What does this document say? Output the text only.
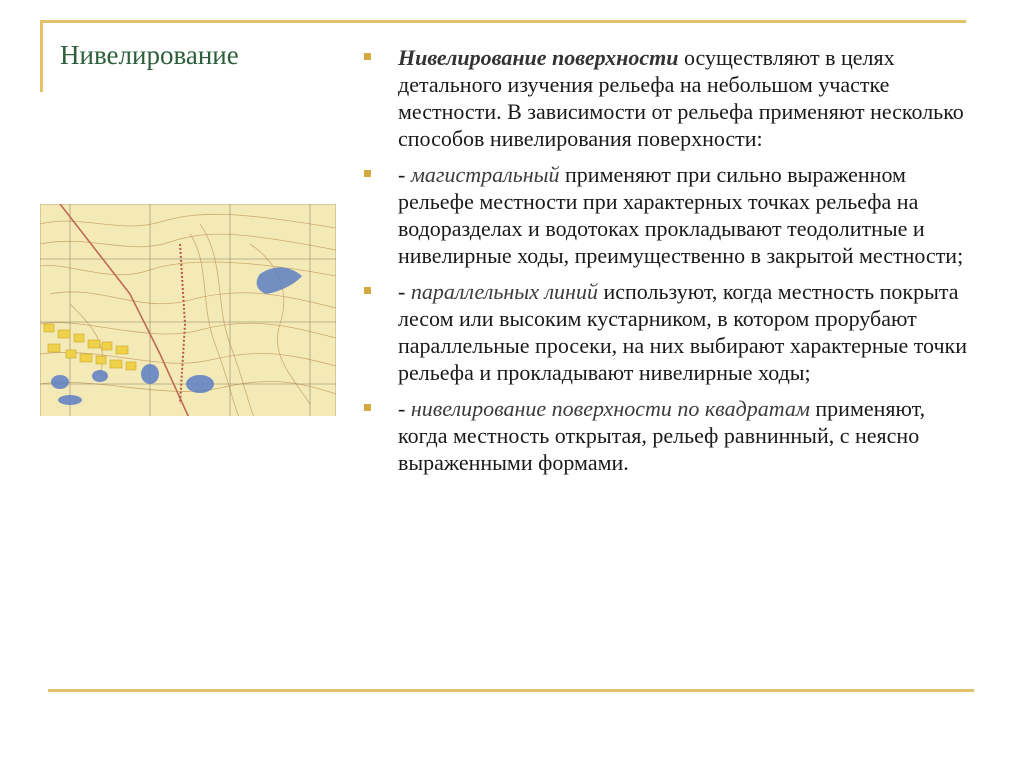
Нивелирование	Нивелирование поверхности осуществляют в целях детального изучения рельефа на небольшом участке местности. В зависимости от рельефа применяют несколько способов нивелирования поверхности:
- магистральный применяют при сильно выраженном рельефе местности при характерных точках рельефа на водоразделах и водотоках прокладывают теодолитные и нивелирные ходы, преимущественно в закрытой местности;
- параллельных линий используют, когда местность покрыта лесом или высоким кустарником, в котором прорубают параллельные просеки, на них выбирают характерные точки рельефа и прокладывают нивелирные ходы;
- нивелирование поверхности по квадратам применяют, когда местность открытая, рельеф равнинный, с неясно выраженными формами.
